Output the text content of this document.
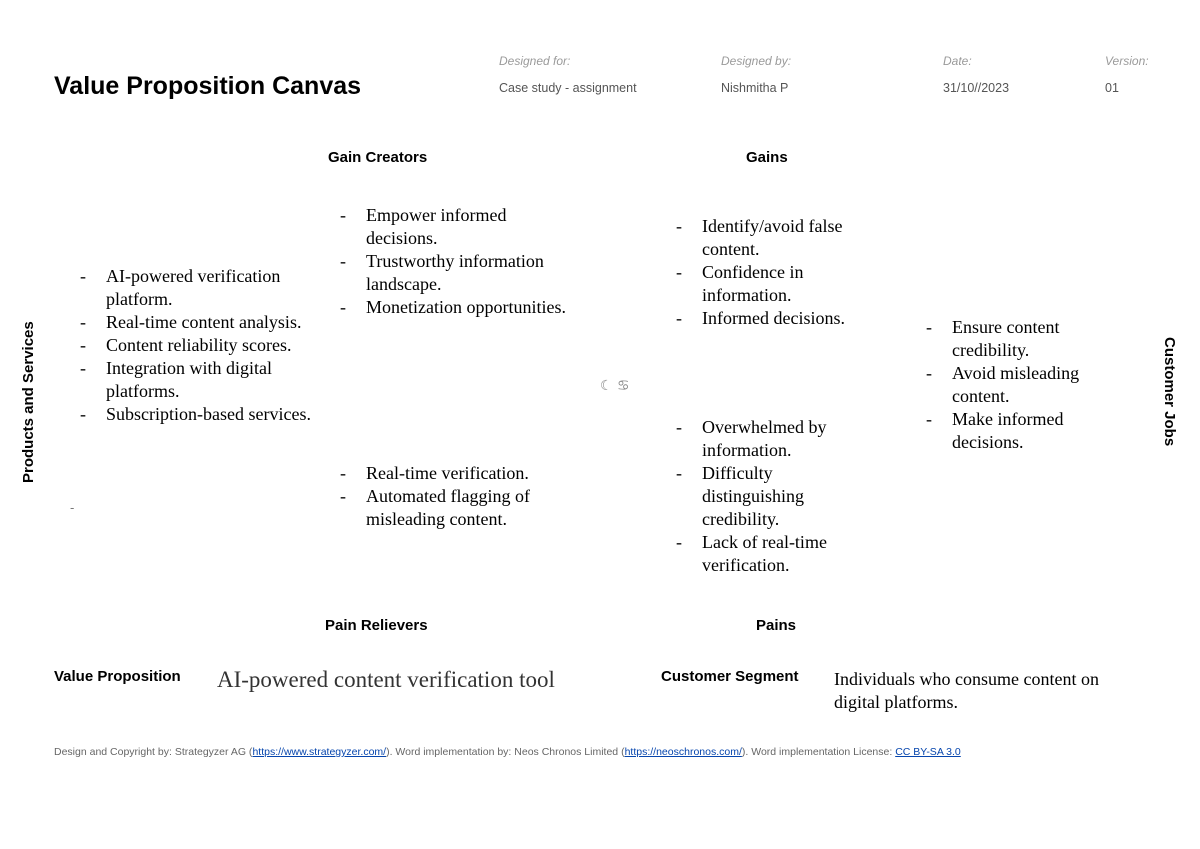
Value Proposition Canvas
Designed for:
Case study - assignment
Designed by:
Nishmitha P
Date:
31/10//2023
Version:
01
Gain Creators	Gains
Pain Relievers	Pains
Products and Services	Customer Jobs
- AI-powered verification platform.
- Real-time content analysis.
- Content reliability scores.
- Integration with digital platforms.
- Subscription-based services.
-
- Empower informed decisions.
- Trustworthy information landscape.
- Monetization opportunities.
- Real-time verification.
- Automated flagging of misleading content.
- Identify/avoid false content.
- Confidence in information.
- Informed decisions.
- Overwhelmed by information.
- Difficulty distinguishing credibility.
- Lack of real-time verification.
- Ensure content credibility.
- Avoid misleading content.
- Make informed decisions.
☾ ♋
Value Proposition AI-powered content verification tool	Customer Segment Individuals who consume content on digital platforms.
Design and Copyright by: Strategyzer AG (https://www.strategyzer.com/). Word implementation by: Neos Chronos Limited (https://neoschronos.com/). Word implementation License: CC BY-SA 3.0
